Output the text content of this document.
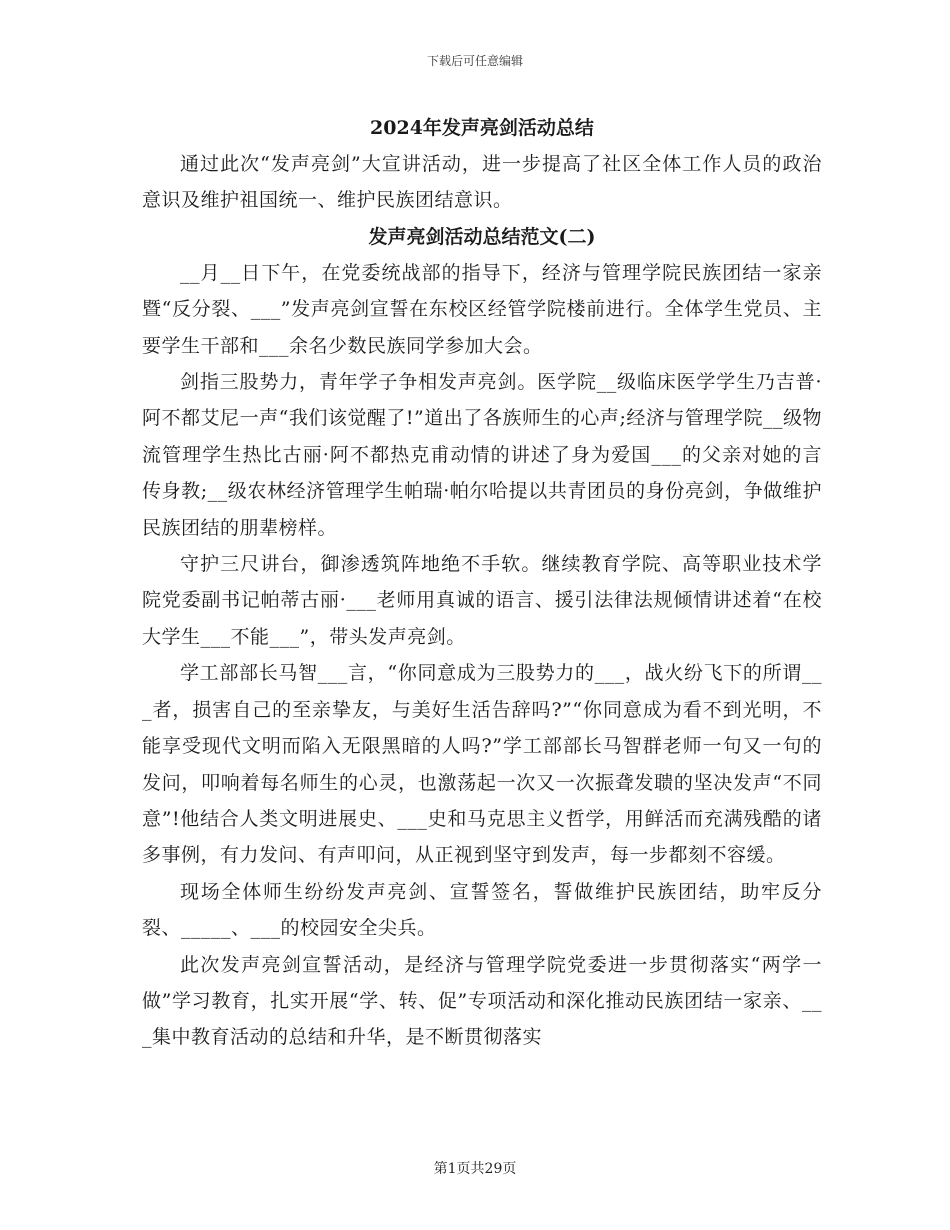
下载后可任意编辑
2024年发声亮剑活动总结

通过此次“发声亮剑”大宣讲活动，进一步提高了社区全体工作人员的政治意识及维护祖国统一、维护民族团结意识。

发声亮剑活动总结范文(二)

__月__日下午，在党委统战部的指导下，经济与管理学院民族团结一家亲暨“反分裂、___”发声亮剑宣誓在东校区经管学院楼前进行。全体学生党员、主要学生干部和___余名少数民族同学参加大会。

剑指三股势力，青年学子争相发声亮剑。医学院__级临床医学学生乃吉普·阿不都艾尼一声“我们该觉醒了!”道出了各族师生的心声;经济与管理学院__级物流管理学生热比古丽·阿不都热克甫动情的讲述了身为爱国___的父亲对她的言传身教;__级农林经济管理学生帕瑞·帕尔哈提以共青团员的身份亮剑，争做维护民族团结的朋辈榜样。

守护三尺讲台，御渗透筑阵地绝不手软。继续教育学院、高等职业技术学院党委副书记帕蒂古丽·___老师用真诚的语言、援引法律法规倾情讲述着“在校大学生___不能___”，带头发声亮剑。

学工部部长马智___言，“你同意成为三股势力的___，战火纷飞下的所谓___者，损害自己的至亲挚友，与美好生活告辞吗?”“你同意成为看不到光明，不能享受现代文明而陷入无限黑暗的人吗?”学工部部长马智群老师一句又一句的发问，叩响着每名师生的心灵，也激荡起一次又一次振聋发聩的坚决发声“不同意”!他结合人类文明进展史、___史和马克思主义哲学，用鲜活而充满残酷的诸多事例，有力发问、有声叩问，从正视到坚守到发声，每一步都刻不容缓。

现场全体师生纷纷发声亮剑、宣誓签名，誓做维护民族团结，助牢反分裂、_____、___的校园安全尖兵。

此次发声亮剑宣誓活动，是经济与管理学院党委进一步贯彻落实“两学一做”学习教育，扎实开展“学、转、促”专项活动和深化推动民族团结一家亲、___集中教育活动的总结和升华，是不断贯彻落实

第1页共29页
